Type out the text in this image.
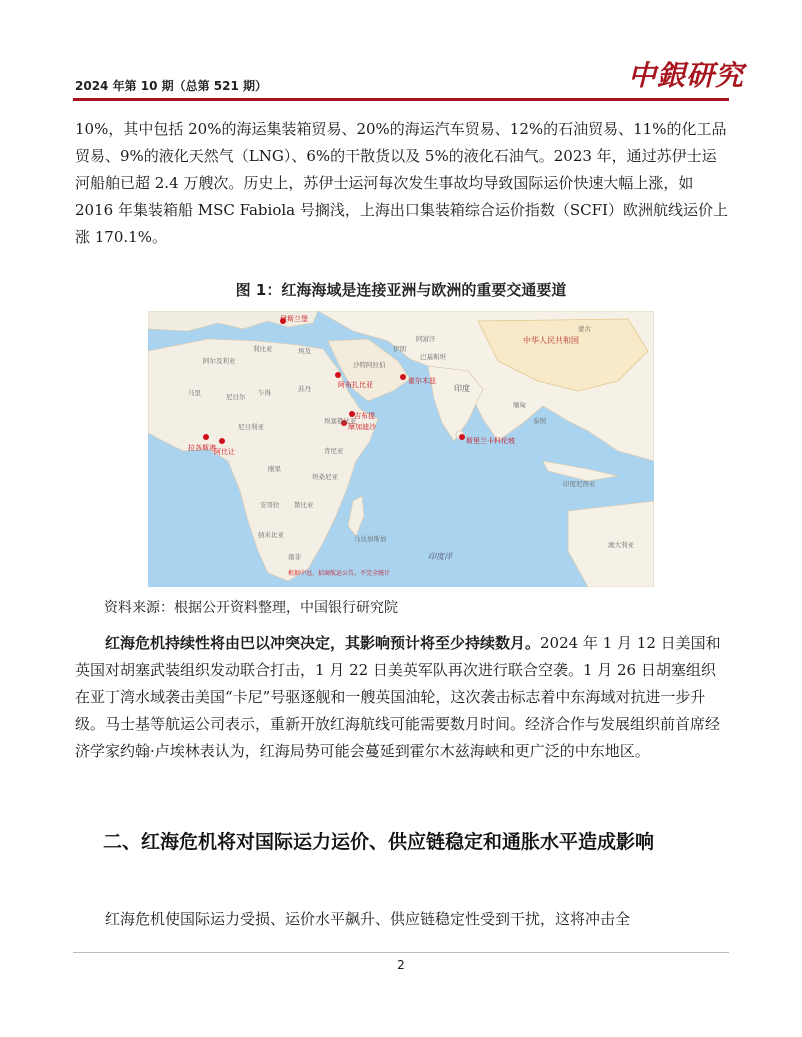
2024 年第 10 期（总第 521 期）	中銀研究

10%，其中包括 20%的海运集装箱贸易、20%的海运汽车贸易、12%的石油贸易、11%的化工品贸易、9%的液化天然气（LNG）、6%的干散货以及 5%的液化石油气。2023 年，通过苏伊士运河船舶已超 2.4 万艘次。历史上，苏伊士运河每次发生事故均导致国际运价快速大幅上涨，如 2016 年集装箱船 MSC Fabiola 号搁浅，上海出口集装箱综合运价指数（SCFI）欧洲航线运价上涨 170.1%。

图 1：红海海域是连接亚洲与欧洲的重要交通要道
伊斯兰堡
阿布扎比亚	霍尔木兹
吉布提
摩加迪沙
斯里兰卡科伦坡
拉各斯港
阿比让
中华人民共和国
印度
印度洋
根据中远、招商航运公告，不完全统计
利比亚	埃及
沙特阿拉伯
苏丹
乍得
尼日尔
马里
阿尔及利亚
尼日利亚
刚果
埃塞俄比亚
肯尼亚
坦桑尼亚
安哥拉 赞比亚
纳米比亚
南非
马达加斯加
伊朗
巴基斯坦
阿富汗
蒙古
缅甸
泰国
印度尼西亚
澳大利亚
资料来源：根据公开资料整理，中国银行研究院

红海危机持续性将由巴以冲突决定，其影响预计将至少持续数月。2024 年 1 月 12 日美国和英国对胡塞武装组织发动联合打击，1 月 22 日美英军队再次进行联合空袭。1 月 26 日胡塞组织在亚丁湾水域袭击美国“卡尼”号驱逐舰和一艘英国油轮，这次袭击标志着中东海域对抗进一步升级。马士基等航运公司表示，重新开放红海航线可能需要数月时间。经济合作与发展组织前首席经济学家约翰·卢埃林表认为，红海局势可能会蔓延到霍尔木兹海峡和更广泛的中东地区。

二、红海危机将对国际运力运价、供应链稳定和通胀水平造成影响

红海危机使国际运力受损、运价水平飙升、供应链稳定性受到干扰，这将冲击全

2
